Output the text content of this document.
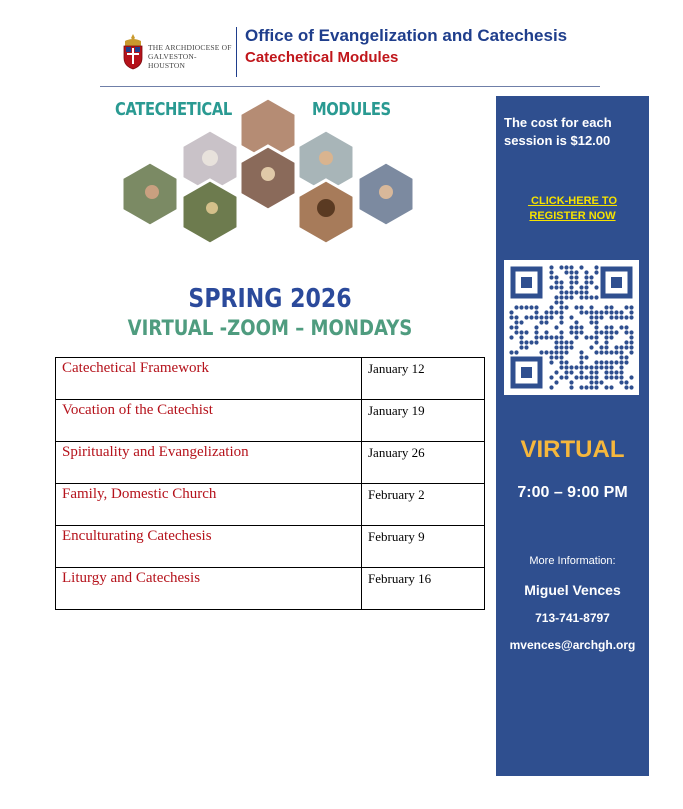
THE ARCHDIOCESE OF
GALVESTON-HOUSTON
Office of Evangelization and Catechesis
Catechetical Modules
CATECHETICAL	MODULES
SPRING 2026
VIRTUAL -ZOOM – MONDAYS
Catechetical Framework	January 12
Vocation of the Catechist	January 19
Spirituality and Evangelization	January 26
Family, Domestic Church	February 2
Enculturating Catechesis	February 9
Liturgy and Catechesis	February 16
The cost for each session is $12.00
CLICK-HERE TO
REGISTER NOW
VIRTUAL
7:00 – 9:00 PM
More Information:
Miguel Vences
713-741-8797
mvences@archgh.org
